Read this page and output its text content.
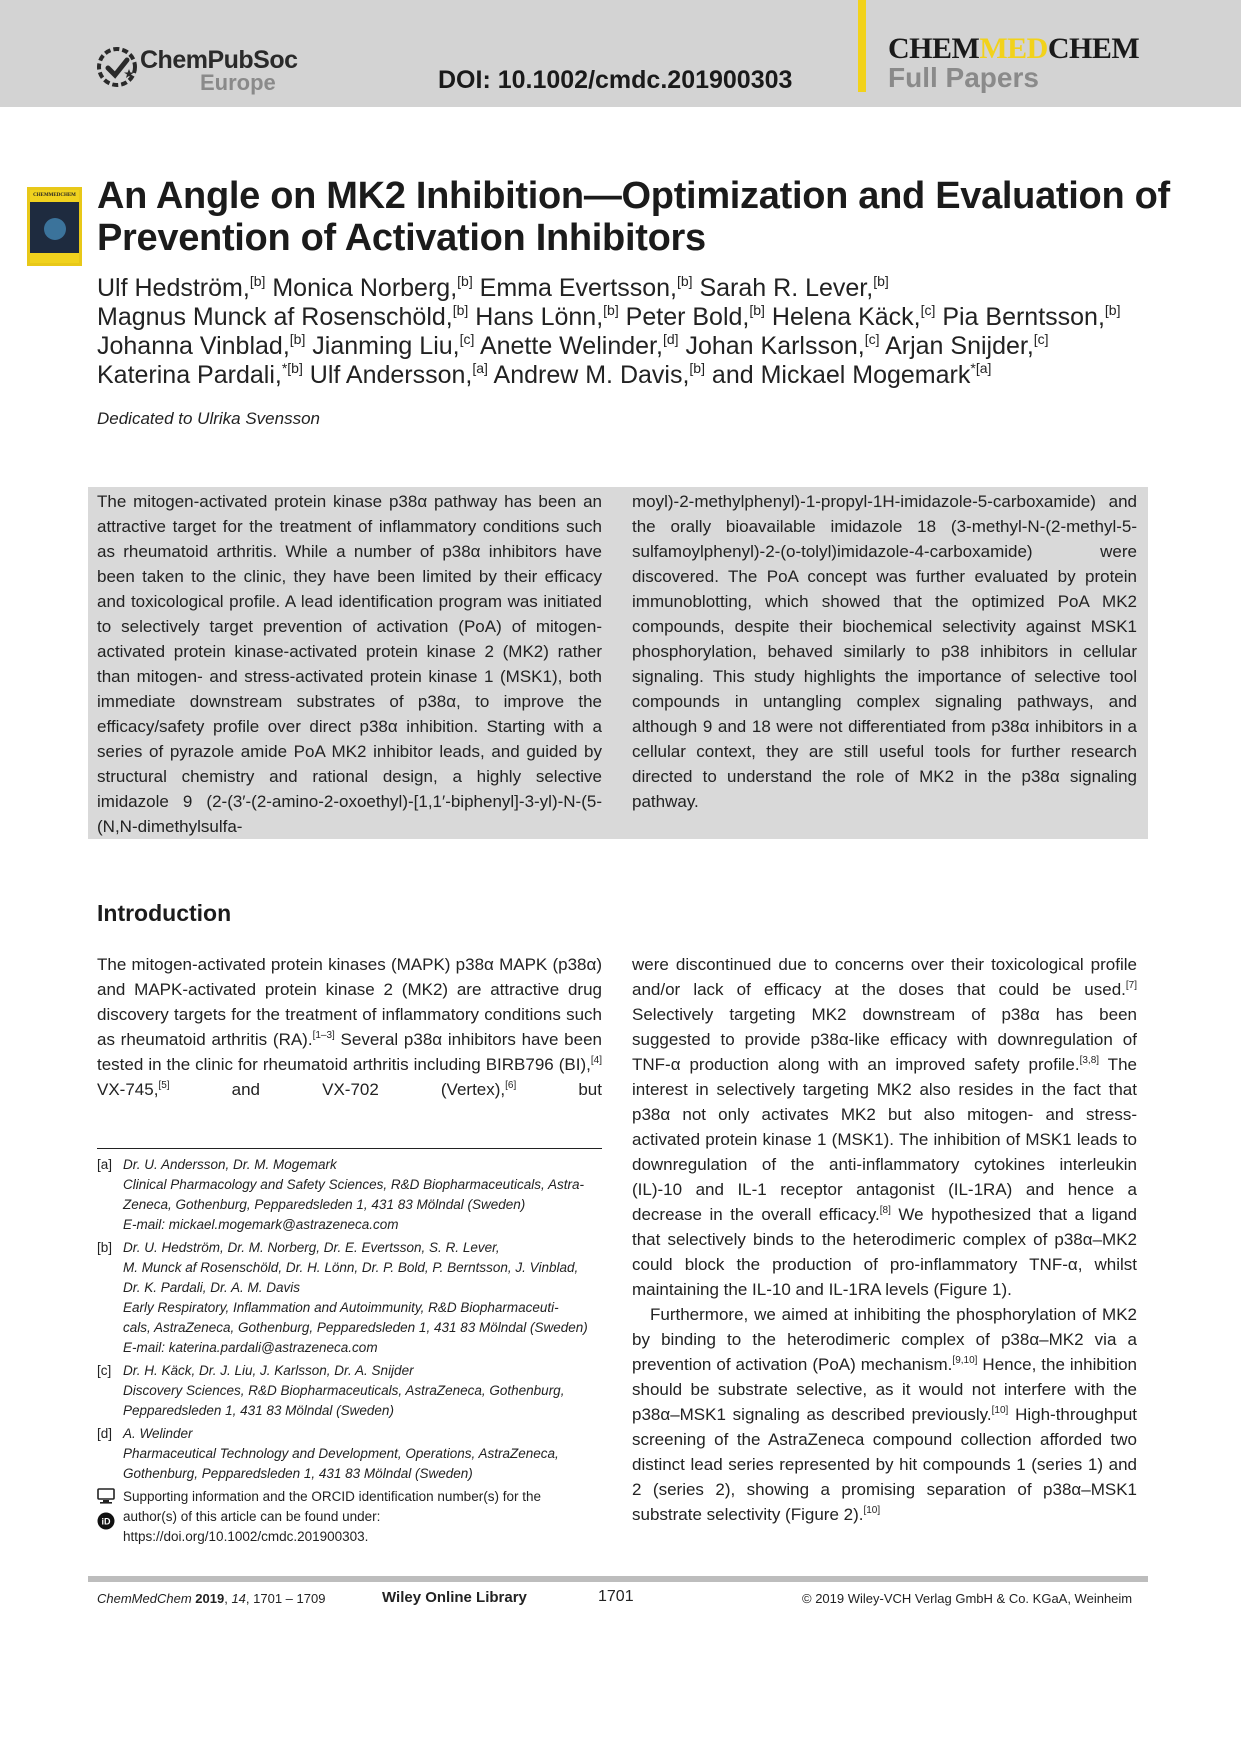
ChemPubSoc
Europe	DOI: 10.1002/cmdc.201900303
CHEMMEDCHEM
Full Papers
CHEMMEDCHEM An Angle on MK2 Inhibition—Optimization and Evaluation of Prevention of Activation Inhibitors

Ulf Hedström,[b] Monica Norberg,[b] Emma Evertsson,[b] Sarah R. Lever,[b]

Magnus Munck af Rosenschöld,[b] Hans Lönn,[b] Peter Bold,[b] Helena Käck,[c] Pia Berntsson,[b]

Johanna Vinblad,[b] Jianming Liu,[c] Anette Welinder,[d] Johan Karlsson,[c] Arjan Snijder,[c]

Katerina Pardali,$^{*[b]}$ Ulf Andersson,[a] Andrew M. Davis,[b] and Mickael Mogemark$^{*[a]}$

Dedicated to Ulrika Svensson

The mitogen-activated protein kinase p38α pathway has been an attractive target for the treatment of inflammatory conditions such as rheumatoid arthritis. While a number of p38α inhibitors have been taken to the clinic, they have been limited by their efficacy and toxicological profile. A lead identification program was initiated to selectively target prevention of activation (PoA) of mitogen-activated protein kinase-activated protein kinase 2 (MK2) rather than mitogen- and stress-activated protein kinase 1 (MSK1), both immediate downstream substrates of p38α, to improve the efficacy/safety profile over direct p38α inhibition. Starting with a series of pyrazole amide PoA MK2 inhibitor leads, and guided by structural chemistry and rational design, a highly selective imidazole 9 (2-(3′-(2-amino-2-oxoethyl)-[1,1′-biphenyl]-3-yl)-N-(5-(N,N-dimethylsulfa-

moyl)-2-methylphenyl)-1-propyl-1H-imidazole-5-carboxamide) and the orally bioavailable imidazole 18 (3-methyl-N-(2-methyl-5-sulfamoylphenyl)-2-(o-tolyl)imidazole-4-carboxamide) were discovered. The PoA concept was further evaluated by protein immunoblotting, which showed that the optimized PoA MK2 compounds, despite their biochemical selectivity against MSK1 phosphorylation, behaved similarly to p38 inhibitors in cellular signaling. This study highlights the importance of selective tool compounds in untangling complex signaling pathways, and although 9 and 18 were not differentiated from p38α inhibitors in a cellular context, they are still useful tools for further research directed to understand the role of MK2 in the p38α signaling pathway.

Introduction

The mitogen-activated protein kinases (MAPK) p38α MAPK (p38α) and MAPK-activated protein kinase 2 (MK2) are attractive drug discovery targets for the treatment of inflammatory conditions such as rheumatoid arthritis (RA).[1–3] Several p38α inhibitors have been tested in the clinic for rheumatoid arthritis including BIRB796 (BI),[4] VX-745,[5] and VX-702 (Vertex),[6] but

were discontinued due to concerns over their toxicological profile and/or lack of efficacy at the doses that could be used.[7] Selectively targeting MK2 downstream of p38α has been suggested to provide p38α-like efficacy with downregulation of TNF-α production along with an improved safety profile.[3,8] The interest in selectively targeting MK2 also resides in the fact that p38α not only activates MK2 but also mitogen- and stress-activated protein kinase 1 (MSK1). The inhibition of MSK1 leads to downregulation of the anti-inflammatory cytokines interleukin (IL)-10 and IL-1 receptor antagonist (IL-1RA) and hence a decrease in the overall efficacy.[8] We hypothesized that a ligand that selectively binds to the heterodimeric complex of p38α–MK2 could block the production of pro-inflammatory TNF-α, whilst maintaining the IL-10 and IL-1RA levels (Figure 1).

Furthermore, we aimed at inhibiting the phosphorylation of MK2 by binding to the heterodimeric complex of p38α–MK2 via a prevention of activation (PoA) mechanism.[9,10] Hence, the inhibition should be substrate selective, as it would not interfere with the p38α–MSK1 signaling as described previously.[10] High-throughput screening of the AstraZeneca compound collection afforded two distinct lead series represented by hit compounds 1 (series 1) and 2 (series 2), showing a promising separation of p38α–MSK1 substrate selectivity (Figure 2).[10]

[a] Dr. U. Andersson, Dr. M. Mogemark
Clinical Pharmacology and Safety Sciences, R&D Biopharmaceuticals, Astra-
Zeneca, Gothenburg, Pepparedsleden 1, 431 83 Mölndal (Sweden)
E-mail: mickael.mogemark@astrazeneca.com
[b] Dr. U. Hedström, Dr. M. Norberg, Dr. E. Evertsson, S. R. Lever,
M. Munck af Rosenschöld, Dr. H. Lönn, Dr. P. Bold, P. Berntsson, J. Vinblad,
Dr. K. Pardali, Dr. A. M. Davis
Early Respiratory, Inflammation and Autoimmunity, R&D Biopharmaceuti-
cals, AstraZeneca, Gothenburg, Pepparedsleden 1, 431 83 Mölndal (Sweden)
E-mail: katerina.pardali@astrazeneca.com
[c] Dr. H. Käck, Dr. J. Liu, J. Karlsson, Dr. A. Snijder
Discovery Sciences, R&D Biopharmaceuticals, AstraZeneca, Gothenburg,
Pepparedsleden 1, 431 83 Mölndal (Sweden)
[d] A. Welinder
Pharmaceutical Technology and Development, Operations, AstraZeneca,
Gothenburg, Pepparedsleden 1, 431 83 Mölndal (Sweden)

iD
Supporting information and the ORCID identification number(s) for the
author(s) of this article can be found under:
https://doi.org/10.1002/cmdc.201900303.
ChemMedChem 2019, 14, 1701 – 1709	Wiley Online Library	1701	© 2019 Wiley-VCH Verlag GmbH & Co. KGaA, Weinheim
